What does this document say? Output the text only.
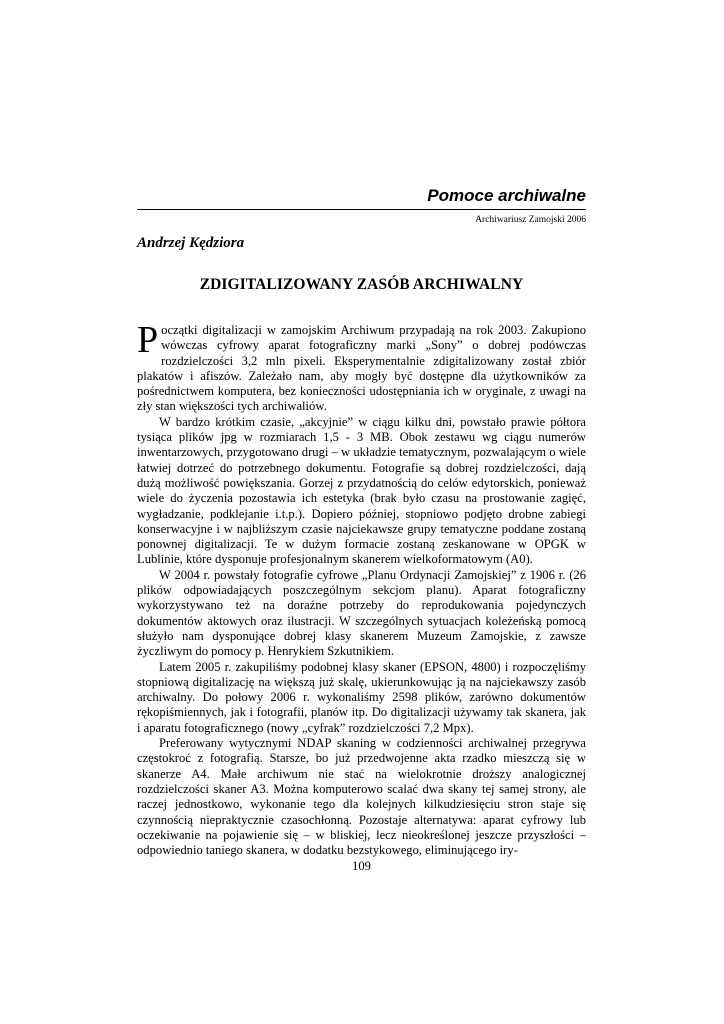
Pomoce archiwalne
Archiwariusz Zamojski 2006
Andrzej Kędziora
ZDIGITALIZOWANY ZASÓB ARCHIWALNY

Początki digitalizacji w zamojskim Archiwum przypadają na rok 2003. Zakupiono wówczas cyfrowy aparat fotograficzny marki „Sony” o dobrej podówczas rozdzielczości 3,2 mln pixeli. Eksperymentalnie zdigitalizowany został zbiór plakatów i afiszów. Zależało nam, aby mogły być dostępne dla użytkowników za pośrednictwem komputera, bez konieczności udostępniania ich w oryginale, z uwagi na zły stan większości tych archiwaliów.

W bardzo krótkim czasie, „akcyjnie” w ciągu kilku dni, powstało prawie półtora tysiąca plików jpg w rozmiarach 1,5 - 3 MB. Obok zestawu wg ciągu numerów inwentarzowych, przygotowano drugi – w układzie tematycznym, pozwalającym o wiele łatwiej dotrzeć do potrzebnego dokumentu. Fotografie są dobrej rozdzielczości, dają dużą możliwość powiększania. Gorzej z przydatnością do celów edytorskich, ponieważ wiele do życzenia pozostawia ich estetyka (brak było czasu na prostowanie zagięć, wygładzanie, podklejanie i.t.p.). Dopiero później, stopniowo podjęto drobne zabiegi konserwacyjne i w najbliższym czasie najciekawsze grupy tematyczne poddane zostaną ponownej digitalizacji. Te w dużym formacie zostaną zeskanowane w OPGK w Lublinie, które dysponuje profesjonalnym skanerem wielkoformatowym (A0).

W 2004 r. powstały fotografie cyfrowe „Planu Ordynacji Zamojskiej” z 1906 r. (26 plików odpowiadających poszczególnym sekcjom planu). Aparat fotograficzny wykorzystywano też na doraźne potrzeby do reprodukowania pojedynczych dokumentów aktowych oraz ilustracji. W szczególnych sytuacjach koleżeńską pomocą służyło nam dysponujące dobrej klasy skanerem Muzeum Zamojskie, z zawsze życzliwym do pomocy p. Henrykiem Szkutnikiem.

Latem 2005 r. zakupiliśmy podobnej klasy skaner (EPSON, 4800) i rozpoczęliśmy stopniową digitalizację na większą już skalę, ukierunkowując ją na najciekawszy zasób archiwalny. Do połowy 2006 r. wykonaliśmy 2598 plików, zarówno dokumentów rękopiśmiennych, jak i fotografii, planów itp. Do digitalizacji używamy tak skanera, jak i aparatu fotograficznego (nowy „cyfrak” rozdzielczości 7,2 Mpx).

Preferowany wytycznymi NDAP skaning w codzienności archiwalnej przegrywa częstokroć z fotografią. Starsze, bo już przedwojenne akta rzadko mieszczą się w skanerze A4. Małe archiwum nie stać na wielokrotnie droższy analogicznej rozdzielczości skaner A3. Można komputerowo scalać dwa skany tej samej strony, ale raczej jednostkowo, wykonanie tego dla kolejnych kilkudziesięciu stron staje się czynnością niepraktycznie czasochłonną. Pozostaje alternatywa: aparat cyfrowy lub oczekiwanie na pojawienie się – w bliskiej, lecz nieokreślonej jeszcze przyszłości – odpowiednio taniego skanera, w dodatku bezstykowego, eliminującego iry-

109
